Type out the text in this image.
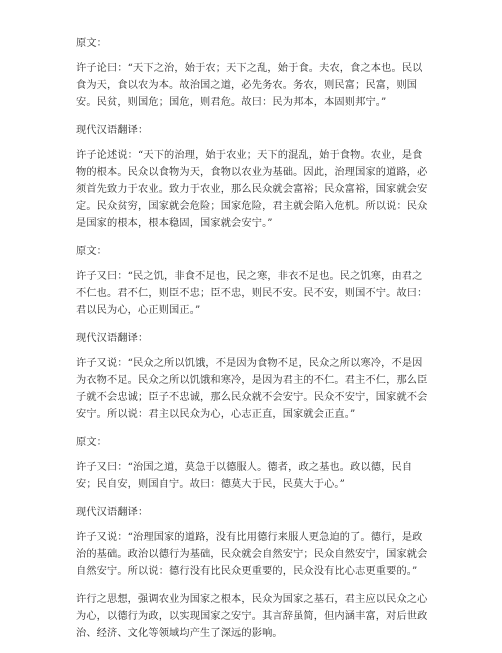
原文：
许子论曰：“天下之治，始于农；天下之乱，始于食。夫农，食之本也。民以食为天，食以农为本。故治国之道，必先务农。务农，则民富；民富，则国安。民贫，则国危；国危，则君危。故曰：民为邦本，本固则邦宁。”
现代汉语翻译：
许子论述说：“天下的治理，始于农业；天下的混乱，始于食物。农业，是食物的根本。民众以食物为天，食物以农业为基础。因此，治理国家的道路，必须首先致力于农业。致力于农业，那么民众就会富裕；民众富裕，国家就会安定。民众贫穷，国家就会危险；国家危险，君主就会陷入危机。所以说：民众是国家的根本，根本稳固，国家就会安宁。”
原文：
许子又曰：“民之饥，非食不足也，民之寒，非衣不足也。民之饥寒，由君之不仁也。君不仁，则臣不忠；臣不忠，则民不安。民不安，则国不宁。故曰：君以民为心，心正则国正。”
现代汉语翻译：
许子又说：“民众之所以饥饿，不是因为食物不足，民众之所以寒冷，不是因为衣物不足。民众之所以饥饿和寒冷，是因为君主的不仁。君主不仁，那么臣子就不会忠诚；臣子不忠诚，那么民众就不会安宁。民众不安宁，国家就不会安宁。所以说：君主以民众为心，心志正直，国家就会正直。”
原文：
许子又曰：“治国之道，莫急于以德服人。德者，政之基也。政以德，民自安；民自安，则国自宁。故曰：德莫大于民，民莫大于心。”
现代汉语翻译：
许子又说：“治理国家的道路，没有比用德行来服人更急迫的了。德行，是政治的基础。政治以德行为基础，民众就会自然安宁；民众自然安宁，国家就会自然安宁。所以说：德行没有比民众更重要的，民众没有比心志更重要的。”
许行之思想，强调农业为国家之根本，民众为国家之基石，君主应以民众之心为心，以德行为政，以实现国家之安宁。其言辞虽简，但内涵丰富，对后世政治、经济、文化等领域均产生了深远的影响。
